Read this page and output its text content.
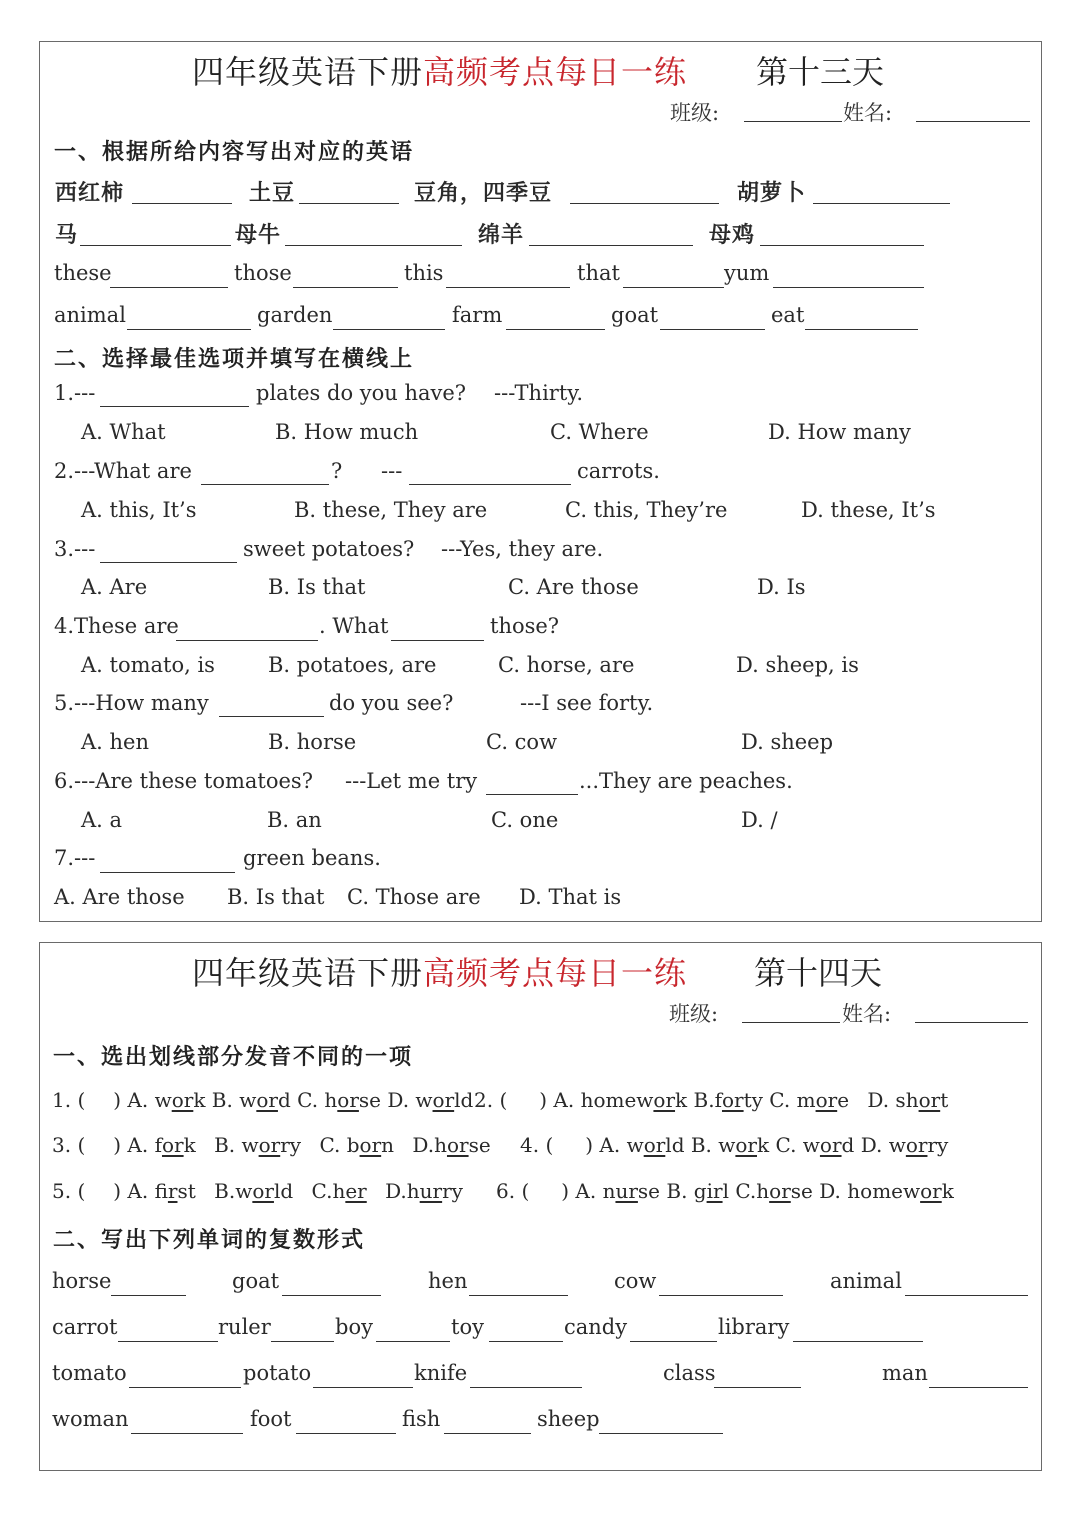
四年级英语下册高频考点每日一练 第十三天
班级:	姓名:
一、根据所给内容写出对应的英语
西红柿	土豆	豆角，四季豆	胡萝卜
马	母牛	绵羊	母鸡
these	those	this	that	yum
animal	garden	farm	goat	eat
二、选择最佳选项并填写在横线上
1.---	plates do you have? ---Thirty.
A. What	B. How much	C. Where	D. How many
2.---What are	? ---	carrots.
A. this, It’s	B. these, They are	C. this, They’re	D. these, It’s
3.---	sweet potatoes? ---Yes, they are.
A. Are	B. Is that	C. Are those	D. Is
4.These are	. What	those?
A. tomato, is	B. potatoes, are	C. horse, are	D. sheep, is
5.---How many	do you see?	---I see forty.
A. hen	B. horse	C. cow	D. sheep
6.---Are these tomatoes? ---Let me try	...They are peaches.
A. a	B. an	C. one	D. /
7.---	green beans.
A. Are those B. Is that C. Those are D. That is
四年级英语下册高频考点每日一练 第十四天
班级:	姓名:
一、选出划线部分发音不同的一项
1. ( ) A. work B. word C. horse D. world 2. ( ) A. homework B.forty C. more D. short
3. ( ) A. fork B. worry C. born D.horse 4. ( ) A. world B. work C. word D. worry
5. ( ) A. first B.world C.her D.hurry 6. ( ) A. nurse B. girl C.horse D. homework
二、写出下列单词的复数形式
horse	goat	hen	cow	animal
carrot	ruler	boy	toy	candy	library
tomato	potato	knife	class	man
woman	foot	fish	sheep
